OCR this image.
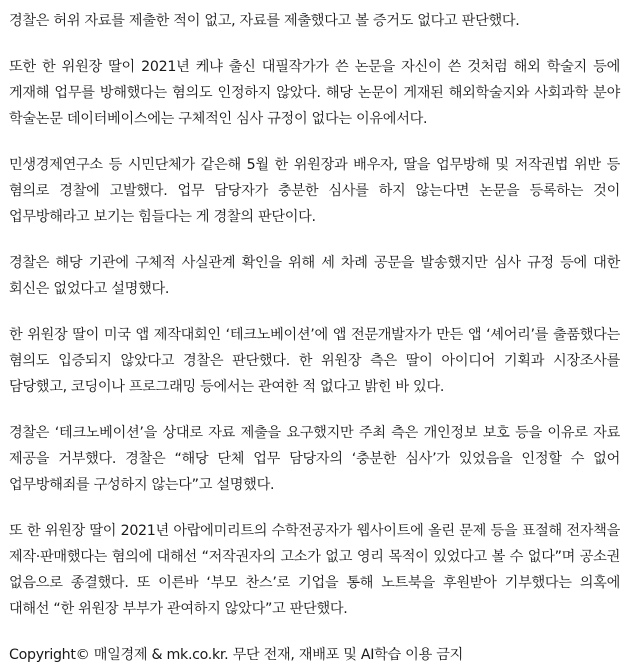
경찰은 허위 자료를 제출한 적이 없고, 자료를 제출했다고 볼 증거도 없다고 판단했다.

또한 한 위원장 딸이 2021년 케냐 출신 대필작가가 쓴 논문을 자신이 쓴 것처럼 해외 학술지 등에 게재해 업무를 방해했다는 혐의도 인정하지 않았다. 해당 논문이 게재된 해외학술지와 사회과학 분야 학술논문 데이터베이스에는 구체적인 심사 규정이 없다는 이유에서다.

민생경제연구소 등 시민단체가 같은해 5월 한 위원장과 배우자, 딸을 업무방해 및 저작권법 위반 등 혐의로 경찰에 고발했다. 업무 담당자가 충분한 심사를 하지 않는다면 논문을 등록하는 것이 업무방해라고 보기는 힘들다는 게 경찰의 판단이다.

경찰은 해당 기관에 구체적 사실관계 확인을 위해 세 차례 공문을 발송했지만 심사 규정 등에 대한 회신은 없었다고 설명했다.

한 위원장 딸이 미국 앱 제작대회인 ‘테크노베이션’에 앱 전문개발자가 만든 앱 ‘셰어리’를 출품했다는 혐의도 입증되지 않았다고 경찰은 판단했다. 한 위원장 측은 딸이 아이디어 기획과 시장조사를 담당했고, 코딩이나 프로그래밍 등에서는 관여한 적 없다고 밝힌 바 있다.

경찰은 ‘테크노베이션’을 상대로 자료 제출을 요구했지만 주최 측은 개인정보 보호 등을 이유로 자료 제공을 거부했다. 경찰은 “해당 단체 업무 담당자의 ‘충분한 심사’가 있었음을 인정할 수 없어 업무방해죄를 구성하지 않는다”고 설명했다.

또 한 위원장 딸이 2021년 아랍에미리트의 수학전공자가 웹사이트에 올린 문제 등을 표절해 전자책을 제작·판매했다는 혐의에 대해선 “저작권자의 고소가 없고 영리 목적이 있었다고 볼 수 없다”며 공소권 없음으로 종결했다. 또 이른바 ‘부모 찬스’로 기업을 통해 노트북을 후원받아 기부했다는 의혹에 대해선 “한 위원장 부부가 관여하지 않았다”고 판단했다.

Copyright© 매일경제 & mk.co.kr. 무단 전재, 재배포 및 AI학습 이용 금지
